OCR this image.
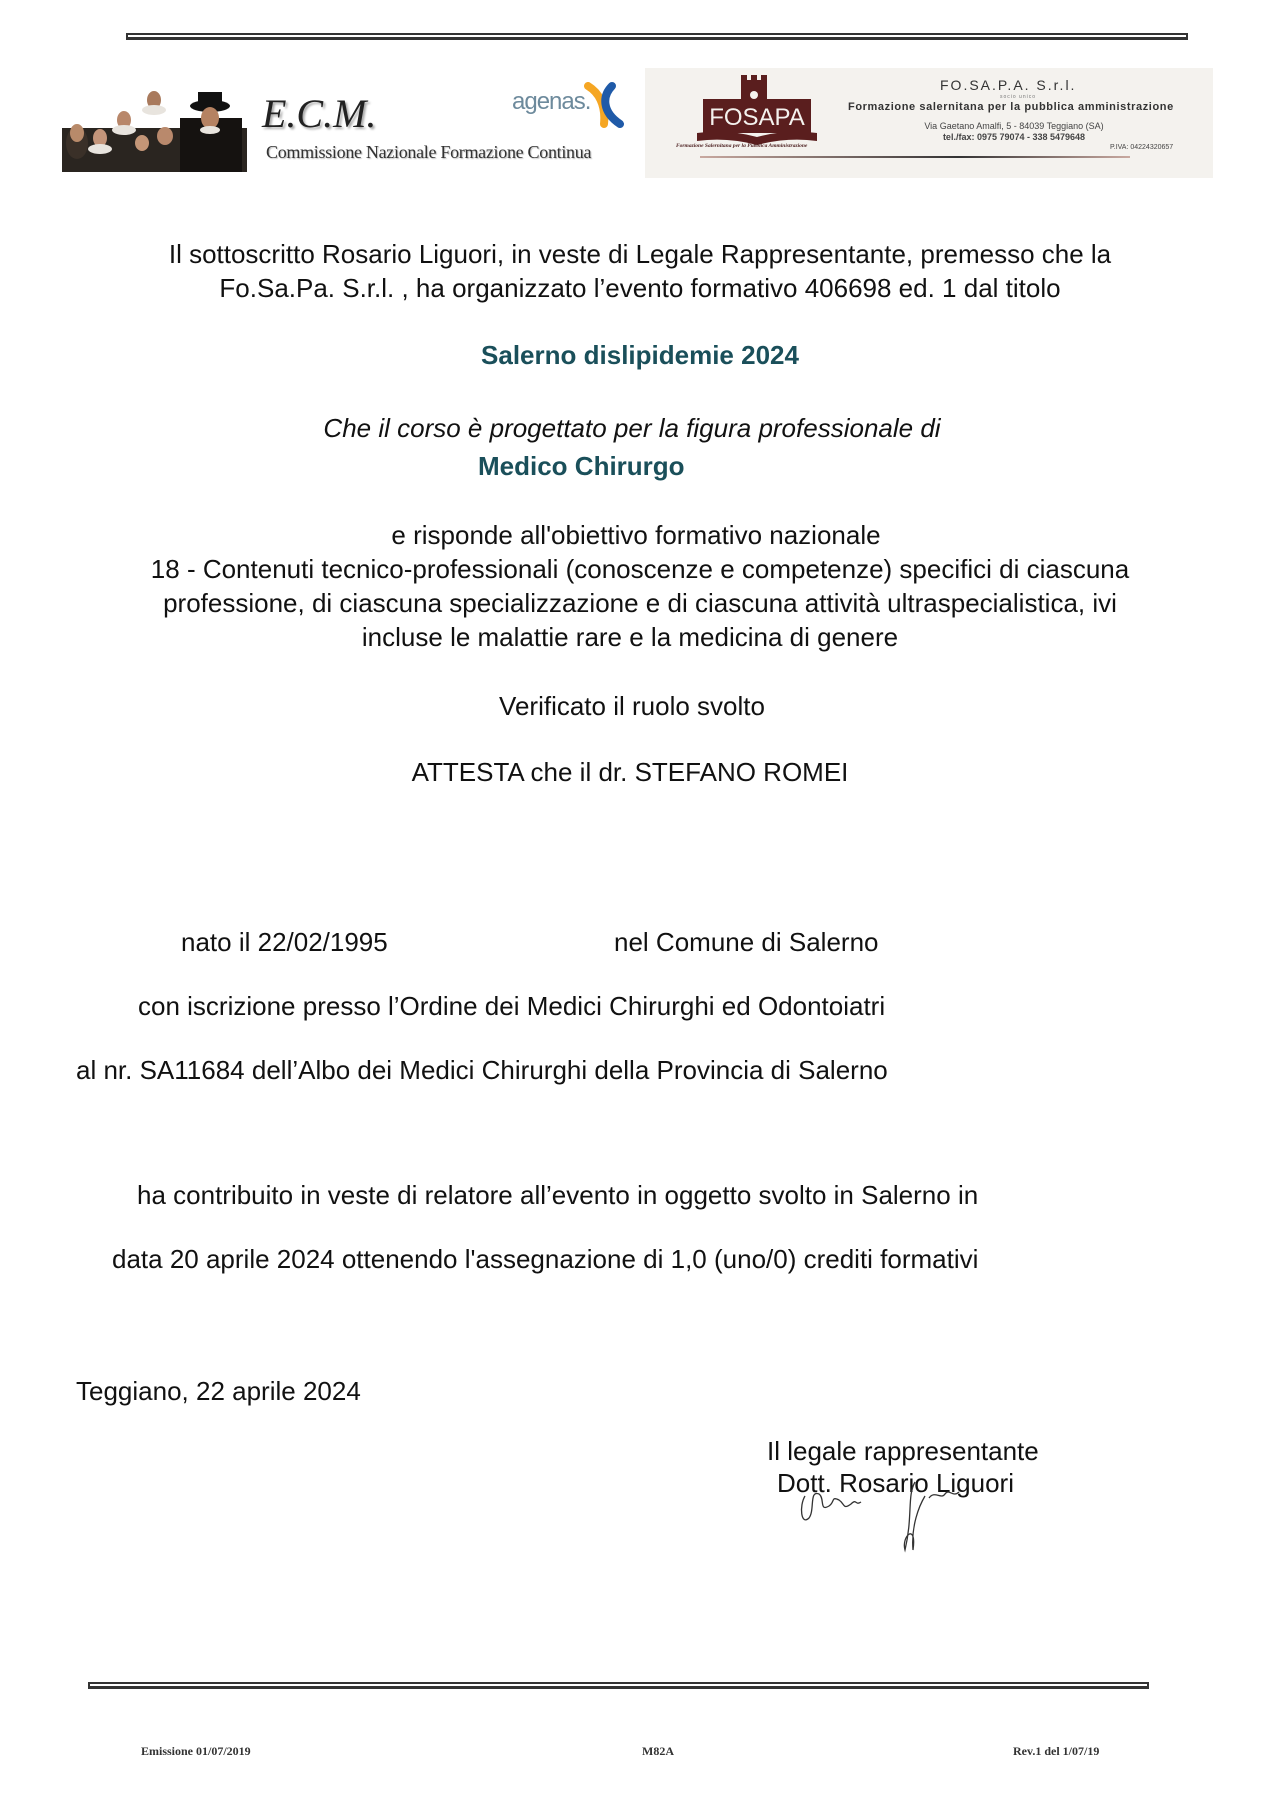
E.C.M.
Commissione Nazionale Formazione Continua
agenas.
FOSAPA
Formazione Salernitana per la Pubblica Amministrazione
FO.SA.P.A. S.r.l.
socio unico
Formazione salernitana per la pubblica amministrazione
Via Gaetano Amalfi, 5 - 84039 Teggiano (SA)
tel./fax: 0975 79074 - 338 5479648
P.IVA: 04224320657
Il sottoscritto Rosario Liguori, in veste di Legale Rappresentante, premesso che la
Fo.Sa.Pa. S.r.l. , ha organizzato l’evento formativo 406698 ed. 1 dal titolo
Salerno dislipidemie 2024
Che il corso è progettato per la figura professionale di
Medico Chirurgo
e risponde all'obiettivo formativo nazionale
18 - Contenuti tecnico-professionali (conoscenze e competenze) specifici di ciascuna
professione, di ciascuna specializzazione e di ciascuna attività ultraspecialistica, ivi
incluse le malattie rare e la medicina di genere
Verificato il ruolo svolto
ATTESTA che il dr. STEFANO ROMEI
nato il 22/02/1995	nel Comune di Salerno
con iscrizione presso l’Ordine dei Medici Chirurghi ed Odontoiatri
al nr. SA11684 dell’Albo dei Medici Chirurghi della Provincia di Salerno
ha contribuito in veste di relatore all’evento in oggetto svolto in Salerno in
data 20 aprile 2024 ottenendo l'assegnazione di 1,0 (uno/0) crediti formativi
Teggiano, 22 aprile 2024
Il legale rappresentante
Dott. Rosario Liguori
Emissione 01/07/2019	M82A	Rev.1 del 1/07/19
